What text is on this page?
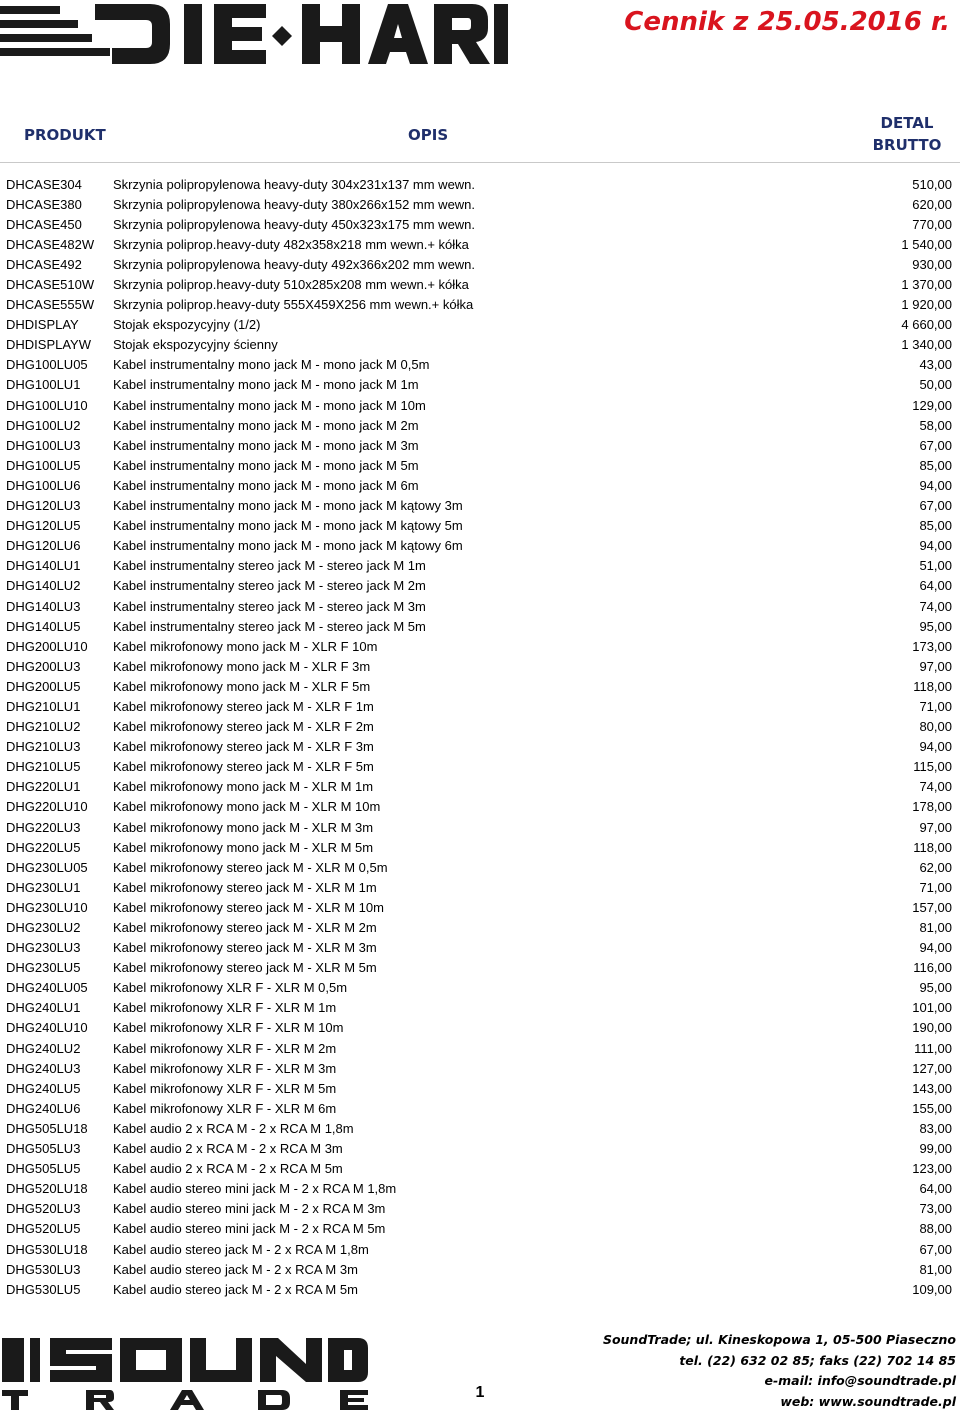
Cennik z 25.05.2016 r.
PRODUKT	OPIS
DETAL
BRUTTO
DHCASE304	Skrzynia polipropylenowa heavy-duty 304x231x137 mm wewn.	510,00
DHCASE380	Skrzynia polipropylenowa heavy-duty 380x266x152 mm wewn.	620,00
DHCASE450	Skrzynia polipropylenowa heavy-duty 450x323x175 mm wewn.	770,00
DHCASE482W	Skrzynia poliprop.heavy-duty 482x358x218 mm wewn.+ kółka	1 540,00
DHCASE492	Skrzynia polipropylenowa heavy-duty 492x366x202 mm wewn.	930,00
DHCASE510W	Skrzynia poliprop.heavy-duty 510x285x208 mm wewn.+ kółka	1 370,00
DHCASE555W	Skrzynia poliprop.heavy-duty 555X459X256 mm wewn.+ kółka	1 920,00
DHDISPLAY	Stojak ekspozycyjny (1/2)	4 660,00
DHDISPLAYW	Stojak ekspozycyjny ścienny	1 340,00
DHG100LU05	Kabel instrumentalny mono jack M - mono jack M 0,5m	43,00
DHG100LU1	Kabel instrumentalny mono jack M - mono jack M 1m	50,00
DHG100LU10	Kabel instrumentalny mono jack M - mono jack M 10m	129,00
DHG100LU2	Kabel instrumentalny mono jack M - mono jack M 2m	58,00
DHG100LU3	Kabel instrumentalny mono jack M - mono jack M 3m	67,00
DHG100LU5	Kabel instrumentalny mono jack M - mono jack M 5m	85,00
DHG100LU6	Kabel instrumentalny mono jack M - mono jack M 6m	94,00
DHG120LU3	Kabel instrumentalny mono jack M - mono jack M kątowy 3m	67,00
DHG120LU5	Kabel instrumentalny mono jack M - mono jack M kątowy 5m	85,00
DHG120LU6	Kabel instrumentalny mono jack M - mono jack M kątowy 6m	94,00
DHG140LU1	Kabel instrumentalny stereo jack M - stereo jack M 1m	51,00
DHG140LU2	Kabel instrumentalny stereo jack M - stereo jack M 2m	64,00
DHG140LU3	Kabel instrumentalny stereo jack M - stereo jack M 3m	74,00
DHG140LU5	Kabel instrumentalny stereo jack M - stereo jack M 5m	95,00
DHG200LU10	Kabel mikrofonowy mono jack M - XLR F 10m	173,00
DHG200LU3	Kabel mikrofonowy mono jack M - XLR F 3m	97,00
DHG200LU5	Kabel mikrofonowy mono jack M - XLR F 5m	118,00
DHG210LU1	Kabel mikrofonowy stereo jack M - XLR F 1m	71,00
DHG210LU2	Kabel mikrofonowy stereo jack M - XLR F 2m	80,00
DHG210LU3	Kabel mikrofonowy stereo jack M - XLR F 3m	94,00
DHG210LU5	Kabel mikrofonowy stereo jack M - XLR F 5m	115,00
DHG220LU1	Kabel mikrofonowy mono jack M - XLR M 1m	74,00
DHG220LU10	Kabel mikrofonowy mono jack M - XLR M 10m	178,00
DHG220LU3	Kabel mikrofonowy mono jack M - XLR M 3m	97,00
DHG220LU5	Kabel mikrofonowy mono jack M - XLR M 5m	118,00
DHG230LU05	Kabel mikrofonowy stereo jack M - XLR M 0,5m	62,00
DHG230LU1	Kabel mikrofonowy stereo jack M - XLR M 1m	71,00
DHG230LU10	Kabel mikrofonowy stereo jack M - XLR M 10m	157,00
DHG230LU2	Kabel mikrofonowy stereo jack M - XLR M 2m	81,00
DHG230LU3	Kabel mikrofonowy stereo jack M - XLR M 3m	94,00
DHG230LU5	Kabel mikrofonowy stereo jack M - XLR M 5m	116,00
DHG240LU05	Kabel mikrofonowy XLR F - XLR M 0,5m	95,00
DHG240LU1	Kabel mikrofonowy XLR F - XLR M 1m	101,00
DHG240LU10	Kabel mikrofonowy XLR F - XLR M 10m	190,00
DHG240LU2	Kabel mikrofonowy XLR F - XLR M 2m	111,00
DHG240LU3	Kabel mikrofonowy XLR F - XLR M 3m	127,00
DHG240LU5	Kabel mikrofonowy XLR F - XLR M 5m	143,00
DHG240LU6	Kabel mikrofonowy XLR F - XLR M 6m	155,00
DHG505LU18	Kabel audio 2 x RCA M - 2 x RCA M 1,8m	83,00
DHG505LU3	Kabel audio 2 x RCA M - 2 x RCA M 3m	99,00
DHG505LU5	Kabel audio 2 x RCA M - 2 x RCA M 5m	123,00
DHG520LU18	Kabel audio stereo mini jack M - 2 x RCA M 1,8m	64,00
DHG520LU3	Kabel audio stereo mini jack M - 2 x RCA M 3m	73,00
DHG520LU5	Kabel audio stereo mini jack M - 2 x RCA M 5m	88,00
DHG530LU18	Kabel audio stereo jack M - 2 x RCA M 1,8m	67,00
DHG530LU3	Kabel audio stereo jack M - 2 x RCA M 3m	81,00
DHG530LU5	Kabel audio stereo jack M - 2 x RCA M 5m	109,00
1
SoundTrade; ul. Kineskopowa 1, 05-500 Piaseczno
tel. (22) 632 02 85; faks (22) 702 14 85
e-mail: info@soundtrade.pl
web: www.soundtrade.pl
